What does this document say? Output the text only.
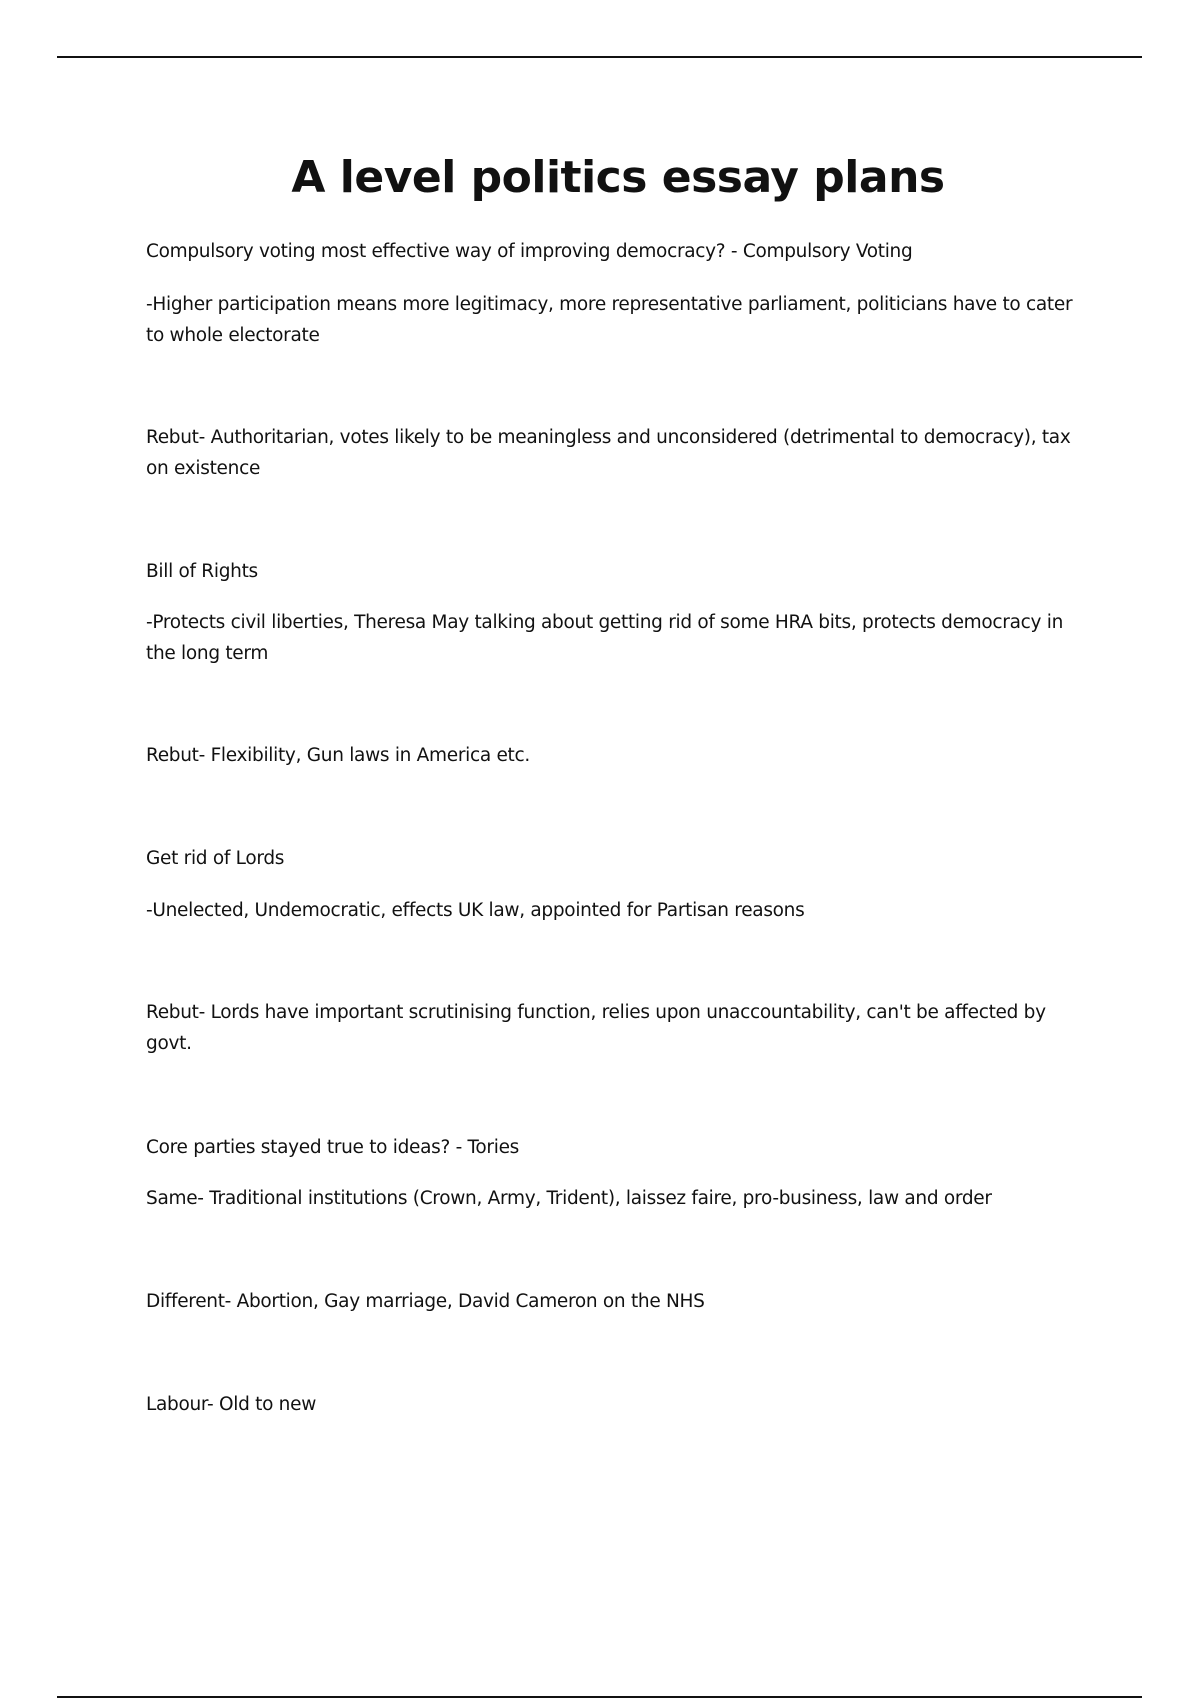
A level politics essay plans

Compulsory voting most effective way of improving democracy? - Compulsory Voting

-Higher participation means more legitimacy, more representative parliament, politicians have to cater to whole electorate

Rebut- Authoritarian, votes likely to be meaningless and unconsidered (detrimental to democracy), tax on existence

Bill of Rights

-Protects civil liberties, Theresa May talking about getting rid of some HRA bits, protects democracy in the long term

Rebut- Flexibility, Gun laws in America etc.

Get rid of Lords

-Unelected, Undemocratic, effects UK law, appointed for Partisan reasons

Rebut- Lords have important scrutinising function, relies upon unaccountability, can't be affected by govt.

Core parties stayed true to ideas? - Tories

Same- Traditional institutions (Crown, Army, Trident), laissez faire, pro-business, law and order

Different- Abortion, Gay marriage, David Cameron on the NHS

Labour- Old to new
